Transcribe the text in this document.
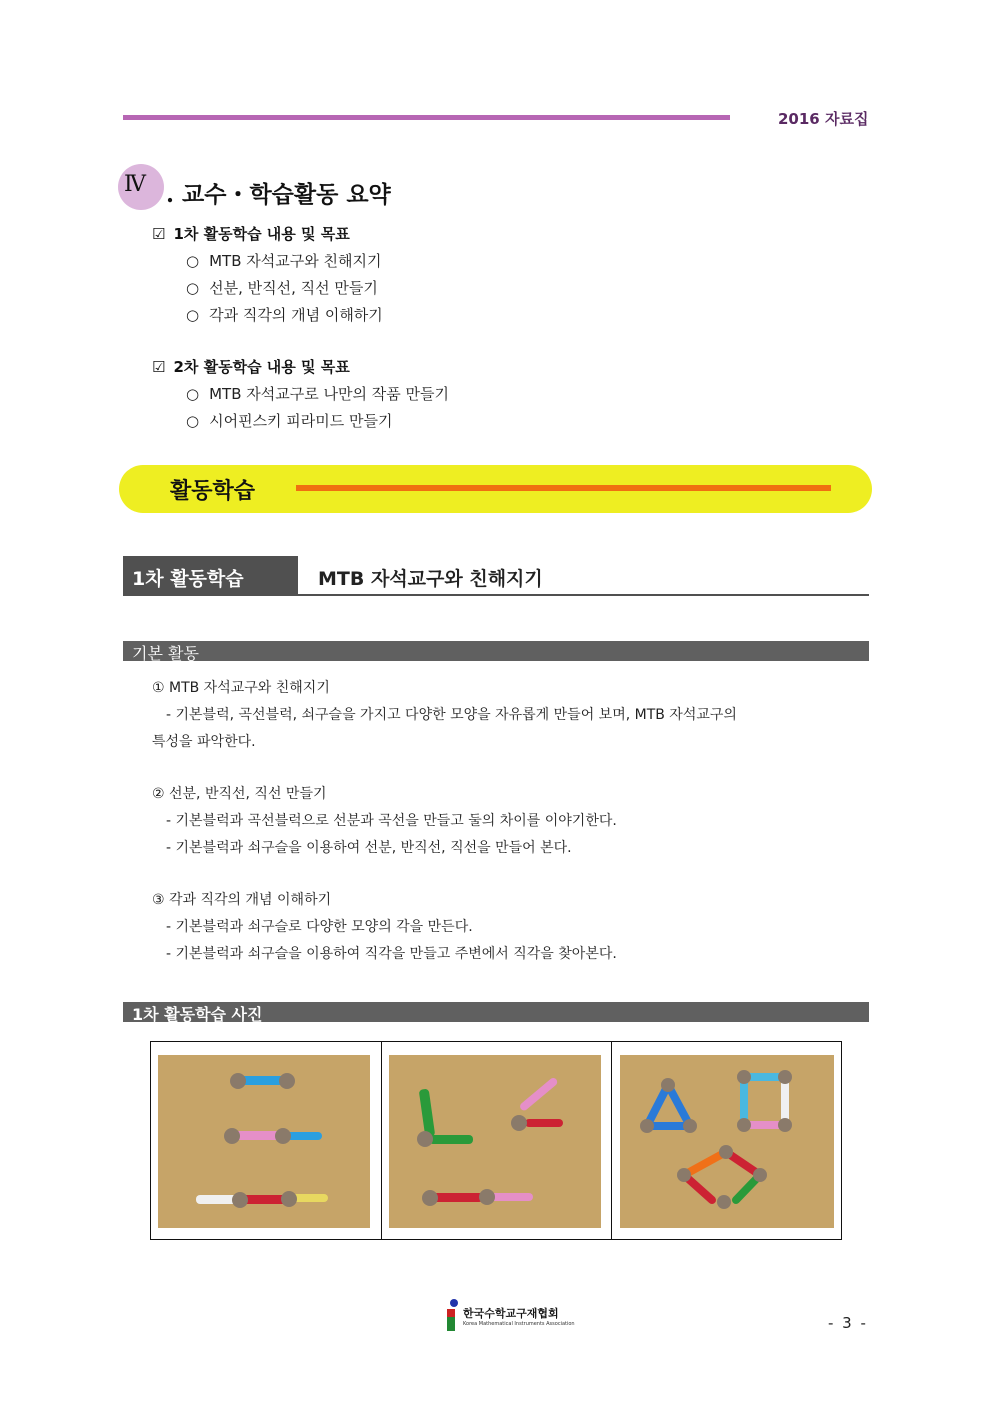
2016 자료집
Ⅳ . 교수・학습활동 요약
☑ 1차 활동학습 내용 및 목표
○ MTB 자석교구와 친해지기
○ 선분, 반직선, 직선 만들기
○ 각과 직각의 개념 이해하기
☑ 2차 활동학습 내용 및 목표
○ MTB 자석교구로 나만의 작품 만들기
○ 시어핀스키 피라미드 만들기
활동학습
1차 활동학습	MTB 자석교구와 친해지기
기본 활동
① MTB 자석교구와 친해지기
- 기본블럭, 곡선블럭, 쇠구슬을 가지고 다양한 모양을 자유롭게 만들어 보며, MTB 자석교구의
특성을 파악한다.
② 선분, 반직선, 직선 만들기
- 기본블럭과 곡선블럭으로 선분과 곡선을 만들고 둘의 차이를 이야기한다.
- 기본블럭과 쇠구슬을 이용하여 선분, 반직선, 직선을 만들어 본다.
③ 각과 직각의 개념 이해하기
- 기본블럭과 쇠구슬로 다양한 모양의 각을 만든다.
- 기본블럭과 쇠구슬을 이용하여 직각을 만들고 주변에서 직각을 찾아본다.
1차 활동학습 사진
한국수학교구재협회
Korea Mathematical Instruments Association	- 3 -
